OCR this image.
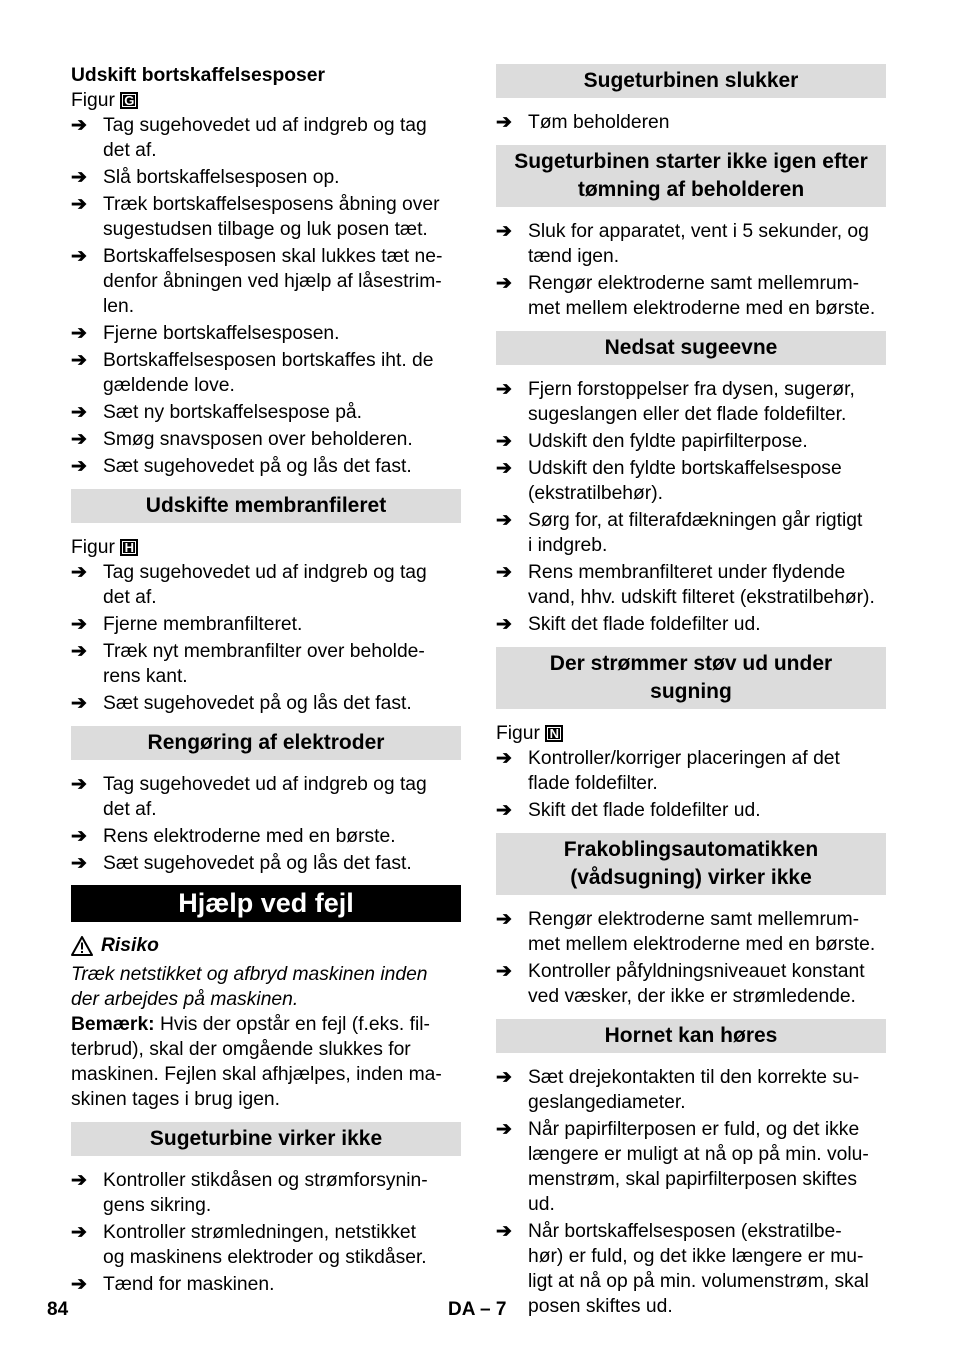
Udskift bortskaffelsesposer
Figur G
➔ Tag sugehovedet ud af indgreb og tag
det af.
➔ Slå bortskaffelsesposen op.
➔ Træk bortskaffelsesposens åbning over
sugestudsen tilbage og luk posen tæt.
➔ Bortskaffelsesposen skal lukkes tæt ne-
denfor åbningen ved hjælp af låsestrim-
len.
➔ Fjerne bortskaffelsesposen.
➔ Bortskaffelsesposen bortskaffes iht. de
gældende love.
➔ Sæt ny bortskaffelsespose på.
➔ Smøg snavsposen over beholderen.
➔ Sæt sugehovedet på og lås det fast.
Udskifte membranfileret
Figur H
➔ Tag sugehovedet ud af indgreb og tag
det af.
➔ Fjerne membranfilteret.
➔ Træk nyt membranfilter over beholde-
rens kant.
➔ Sæt sugehovedet på og lås det fast.
Rengøring af elektroder
➔ Tag sugehovedet ud af indgreb og tag
det af.
➔ Rens elektroderne med en børste.
➔ Sæt sugehovedet på og lås det fast.
Hjælp ved fejl
Risiko
Træk netstikket og afbryd maskinen inden
der arbejdes på maskinen.
Bemærk: Hvis der opstår en fejl (f.eks. fil-
terbrud), skal der omgående slukkes for
maskinen. Fejlen skal afhjælpes, inden ma-
skinen tages i brug igen.
Sugeturbine virker ikke
➔ Kontroller stikdåsen og strømforsynin-
gens sikring.
➔ Kontroller strømledningen, netstikket
og maskinens elektroder og stikdåser.
➔ Tænd for maskinen.
Sugeturbinen slukker
➔ Tøm beholderen
Sugeturbinen starter ikke igen efter
tømning af beholderen
➔ Sluk for apparatet, vent i 5 sekunder, og
tænd igen.
➔ Rengør elektroderne samt mellemrum-
met mellem elektroderne med en børste.
Nedsat sugeevne
➔ Fjern forstoppelser fra dysen, sugerør,
sugeslangen eller det flade foldefilter.
➔ Udskift den fyldte papirfilterpose.
➔ Udskift den fyldte bortskaffelsespose
(ekstratilbehør).
➔ Sørg for, at filterafdækningen går rigtigt
i indgreb.
➔ Rens membranfilteret under flydende
vand, hhv. udskift filteret (ekstratilbehør).
➔ Skift det flade foldefilter ud.
Der strømmer støv ud under
sugning
Figur N
➔ Kontroller/korriger placeringen af det
flade foldefilter.
➔ Skift det flade foldefilter ud.
Frakoblingsautomatikken
(vådsugning) virker ikke
➔ Rengør elektroderne samt mellemrum-
met mellem elektroderne med en børste.
➔ Kontroller påfyldningsniveauet konstant
ved væsker, der ikke er strømledende.
Hornet kan høres
➔ Sæt drejekontakten til den korrekte su-
geslangediameter.
➔ Når papirfilterposen er fuld, og det ikke
længere er muligt at nå op på min. volu-
menstrøm, skal papirfilterposen skiftes
ud.
➔ Når bortskaffelsesposen (ekstratilbe-
hør) er fuld, og det ikke længere er mu-
ligt at nå op på min. volumenstrøm, skal
posen skiftes ud.
84	DA – 7
